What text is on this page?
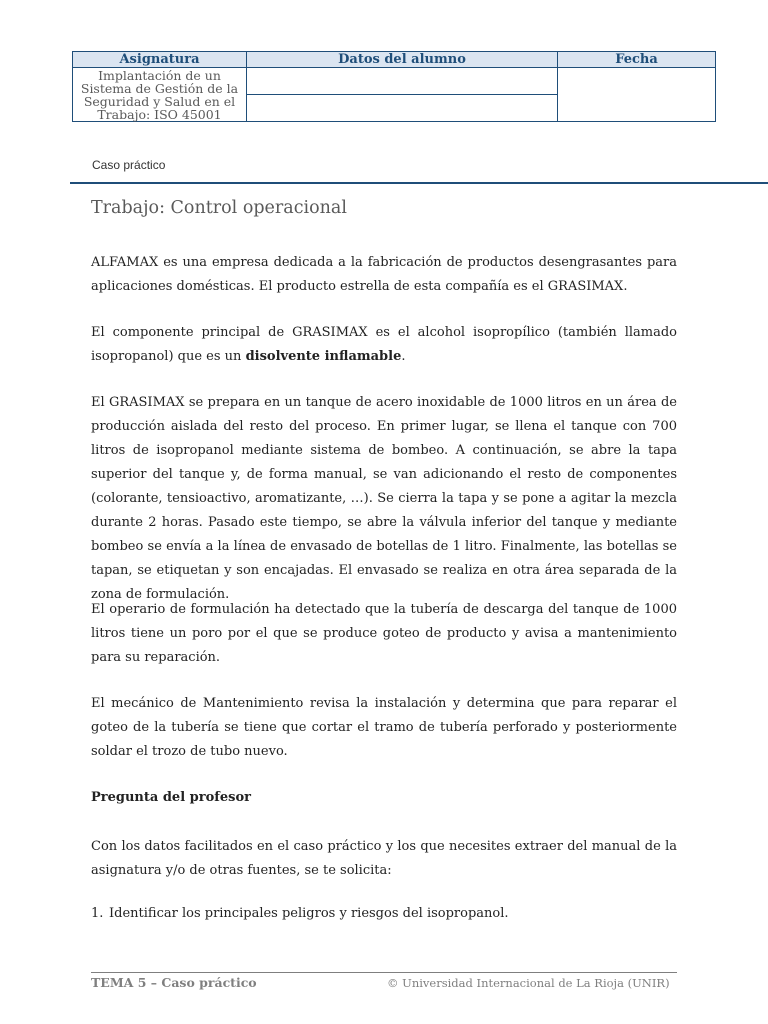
Asignatura	Datos del alumno	Fecha
Implantación de un Sistema de Gestión de la Seguridad y Salud en el Trabajo: ISO 45001		

Caso práctico
Trabajo: Control operacional
ALFAMAX es una empresa dedicada a la fabricación de productos desengrasantes para aplicaciones domésticas. El producto estrella de esta compañía es el GRASIMAX.
El componente principal de GRASIMAX es el alcohol isopropílico (también llamado isopropanol) que es un disolvente inflamable.
El GRASIMAX se prepara en un tanque de acero inoxidable de 1000 litros en un área de producción aislada del resto del proceso. En primer lugar, se llena el tanque con 700 litros de isopropanol mediante sistema de bombeo. A continuación, se abre la tapa superior del tanque y, de forma manual, se van adicionando el resto de componentes (colorante, tensioactivo, aromatizante, …). Se cierra la tapa y se pone a agitar la mezcla durante 2 horas. Pasado este tiempo, se abre la válvula inferior del tanque y mediante bombeo se envía a la línea de envasado de botellas de 1 litro. Finalmente, las botellas se tapan, se etiquetan y son encajadas. El envasado se realiza en otra área separada de la zona de formulación.
El operario de formulación ha detectado que la tubería de descarga del tanque de 1000 litros tiene un poro por el que se produce goteo de producto y avisa a mantenimiento para su reparación.
El mecánico de Mantenimiento revisa la instalación y determina que para reparar el goteo de la tubería se tiene que cortar el tramo de tubería perforado y posteriormente soldar el trozo de tubo nuevo.
Pregunta del profesor
Con los datos facilitados en el caso práctico y los que necesites extraer del manual de la asignatura y/o de otras fuentes, se te solicita:
1. Identificar los principales peligros y riesgos del isopropanol.
TEMA 5 – Caso práctico	© Universidad Internacional de La Rioja (UNIR)
